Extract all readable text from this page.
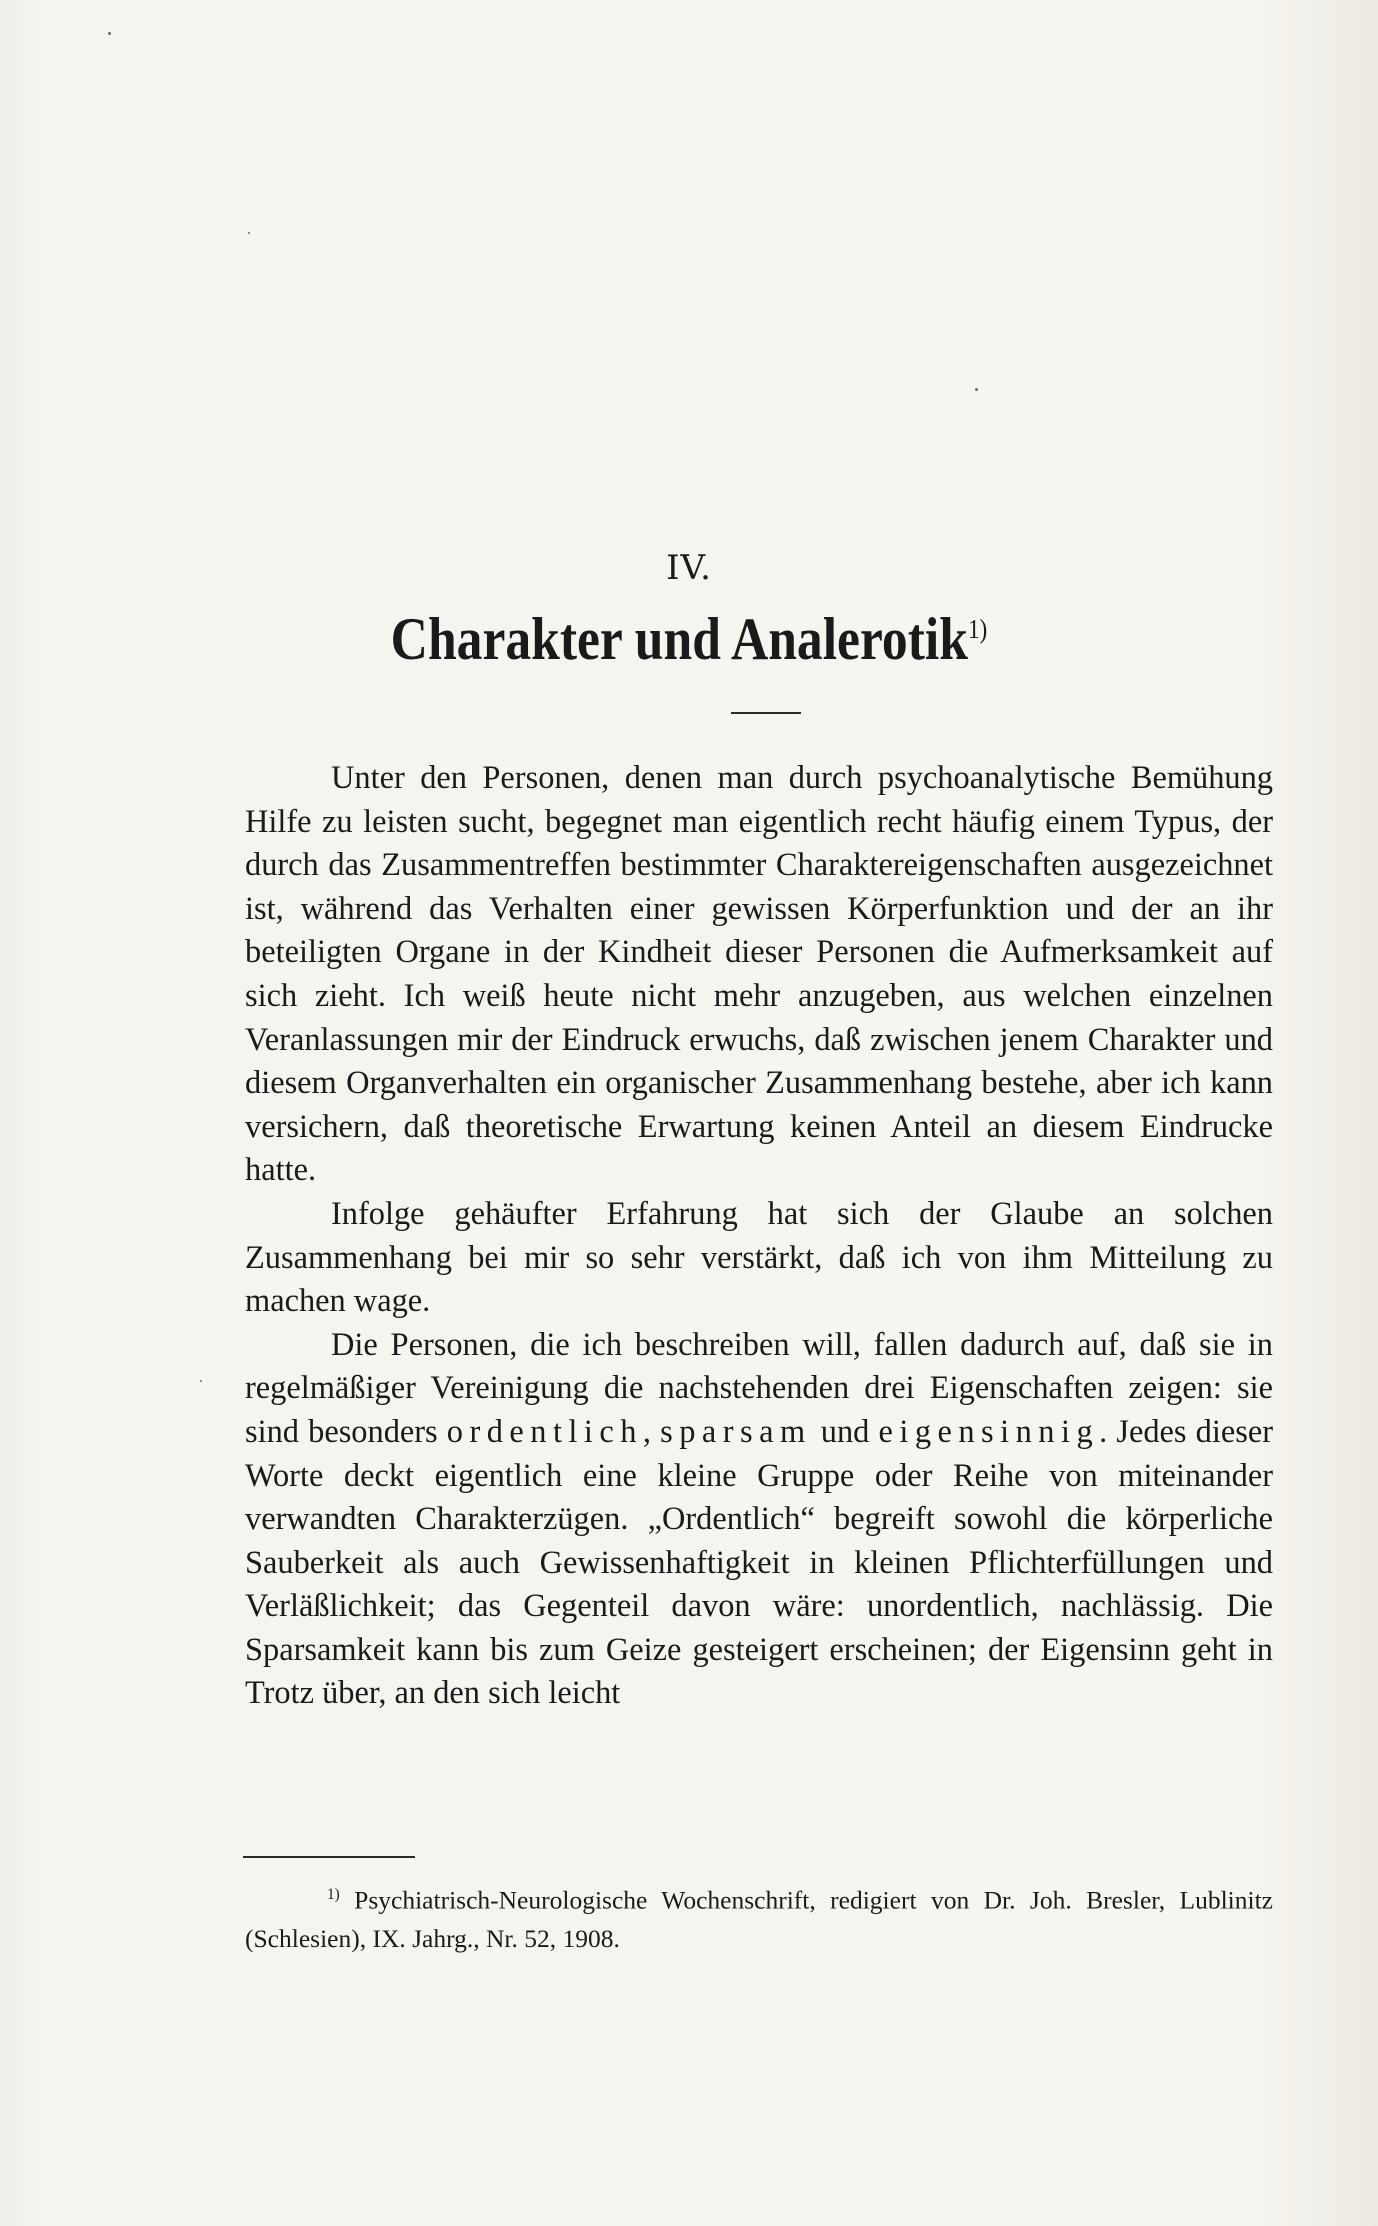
IV.
Charakter und Analerotik$^{1)}$

Unter den Personen, denen man durch psychoanalytische Bemühung Hilfe zu leisten sucht, begegnet man eigentlich recht häufig einem Typus, der durch das Zusammentreffen bestimmter Charaktereigenschaften ausgezeichnet ist, während das Verhalten einer gewissen Körperfunktion und der an ihr beteiligten Organe in der Kindheit dieser Personen die Aufmerksamkeit auf sich zieht. Ich weiß heute nicht mehr anzugeben, aus welchen einzelnen Veranlassungen mir der Eindruck erwuchs, daß zwischen jenem Charakter und diesem Organverhalten ein organischer Zusammenhang bestehe, aber ich kann versichern, daß theoretische Erwartung keinen Anteil an diesem Eindrucke hatte.

Infolge gehäufter Erfahrung hat sich der Glaube an solchen Zusammenhang bei mir so sehr verstärkt, daß ich von ihm Mitteilung zu machen wage.

Die Personen, die ich beschreiben will, fallen dadurch auf, daß sie in regelmäßiger Vereinigung die nachstehenden drei Eigenschaften zeigen: sie sind besonders ordentlich, sparsam und eigensinnig. Jedes dieser Worte deckt eigentlich eine kleine Gruppe oder Reihe von miteinander verwandten Charakterzügen. „Ordentlich“ begreift sowohl die körperliche Sauberkeit als auch Gewissenhaftigkeit in kleinen Pflichterfüllungen und Verläßlichkeit; das Gegenteil davon wäre: unordentlich, nachlässig. Die Sparsamkeit kann bis zum Geize gesteigert erscheinen; der Eigensinn geht in Trotz über, an den sich leicht

$^{1)}$ Psychiatrisch-Neurologische Wochenschrift, redigiert von Dr. Joh. Bresler, Lublinitz (Schlesien), IX. Jahrg., Nr. 52, 1908.
